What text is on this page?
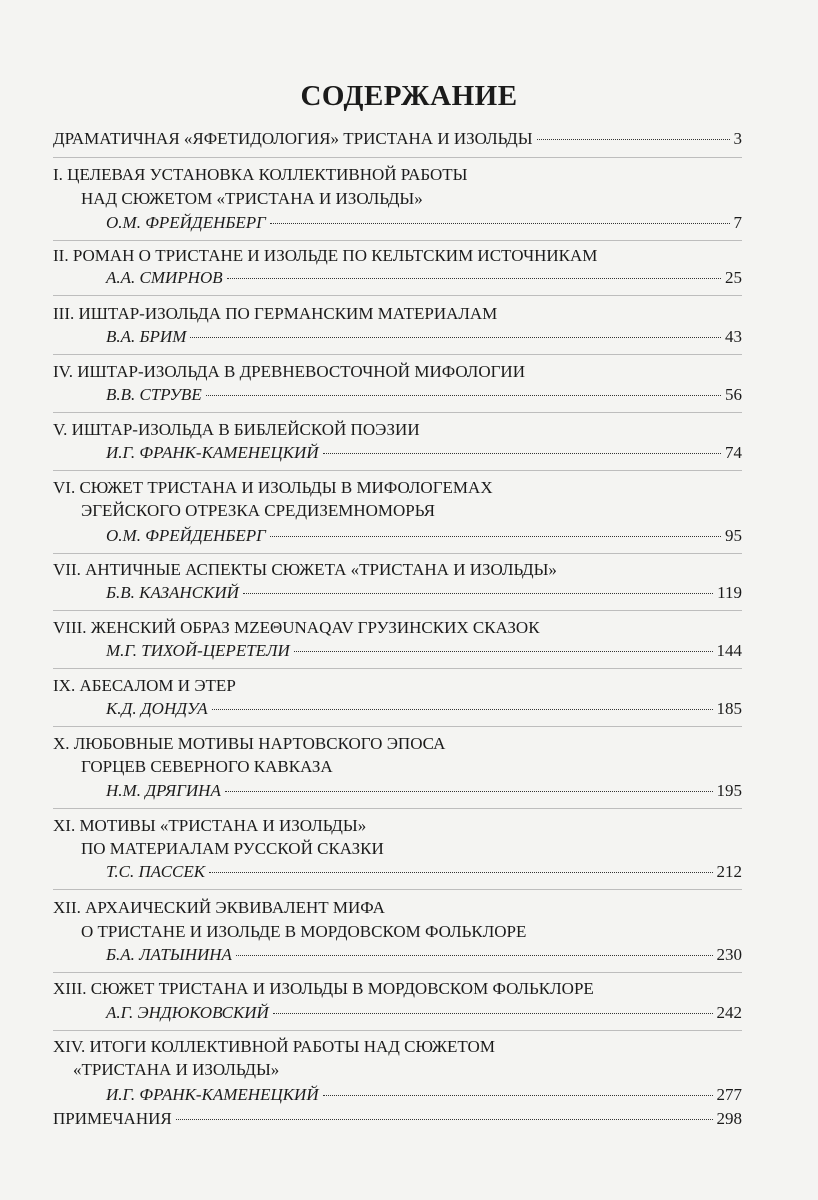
СОДЕРЖАНИЕ
ДРАМАТИЧНАЯ «ЯФЕТИДОЛОГИЯ» ТРИСТАНА И ИЗОЛЬДЫ	3
I. ЦЕЛЕВАЯ УСТАНОВКА КОЛЛЕКТИВНОЙ РАБОТЫ
НАД СЮЖЕТОМ «ТРИСТАНА И ИЗОЛЬДЫ»
О.М. ФРЕЙДЕНБЕРГ	7
II. РОМАН О ТРИСТАНЕ И ИЗОЛЬДЕ ПО КЕЛЬТСКИМ ИСТОЧНИКАМ
А.А. СМИРНОВ	25
III. ИШТАР-ИЗОЛЬДА ПО ГЕРМАНСКИМ МАТЕРИАЛАМ
В.А. БРИМ	43
IV. ИШТАР-ИЗОЛЬДА В ДРЕВНЕВОСТОЧНОЙ МИФОЛОГИИ
В.В. СТРУВЕ	56
V. ИШТАР-ИЗОЛЬДА В БИБЛЕЙСКОЙ ПОЭЗИИ
И.Г. ФРАНК-КАМЕНЕЦКИЙ	74
VI. СЮЖЕТ ТРИСТАНА И ИЗОЛЬДЫ В МИФОЛОГЕМАХ
ЭГЕЙСКОГО ОТРЕЗКА СРЕДИЗЕМНОМОРЬЯ
О.М. ФРЕЙДЕНБЕРГ	95
VII. АНТИЧНЫЕ АСПЕКТЫ СЮЖЕТА «ТРИСТАНА И ИЗОЛЬДЫ»
Б.В. КАЗАНСКИЙ	119
VIII. ЖЕНСКИЙ ОБРАЗ MZEΘUNAQAV ГРУЗИНСКИХ СКАЗОК
М.Г. ТИХОЙ-ЦЕРЕТЕЛИ	144
IX. АБЕСАЛОМ И ЭТЕР
К.Д. ДОНДУА	185
X. ЛЮБОВНЫЕ МОТИВЫ НАРТОВСКОГО ЭПОСА
ГОРЦЕВ СЕВЕРНОГО КАВКАЗА
Н.М. ДРЯГИНА	195
XI. МОТИВЫ «ТРИСТАНА И ИЗОЛЬДЫ»
ПО МАТЕРИАЛАМ РУССКОЙ СКАЗКИ
Т.С. ПАССЕК	212
XII. АРХАИЧЕСКИЙ ЭКВИВАЛЕНТ МИФА
О ТРИСТАНЕ И ИЗОЛЬДЕ В МОРДОВСКОМ ФОЛЬКЛОРЕ
Б.А. ЛАТЫНИНА	230
XIII. СЮЖЕТ ТРИСТАНА И ИЗОЛЬДЫ В МОРДОВСКОМ ФОЛЬКЛОРЕ
А.Г. ЭНДЮКОВСКИЙ	242
XIV. ИТОГИ КОЛЛЕКТИВНОЙ РАБОТЫ НАД СЮЖЕТОМ
«ТРИСТАНА И ИЗОЛЬДЫ»
И.Г. ФРАНК-КАМЕНЕЦКИЙ	277
ПРИМЕЧАНИЯ	298
